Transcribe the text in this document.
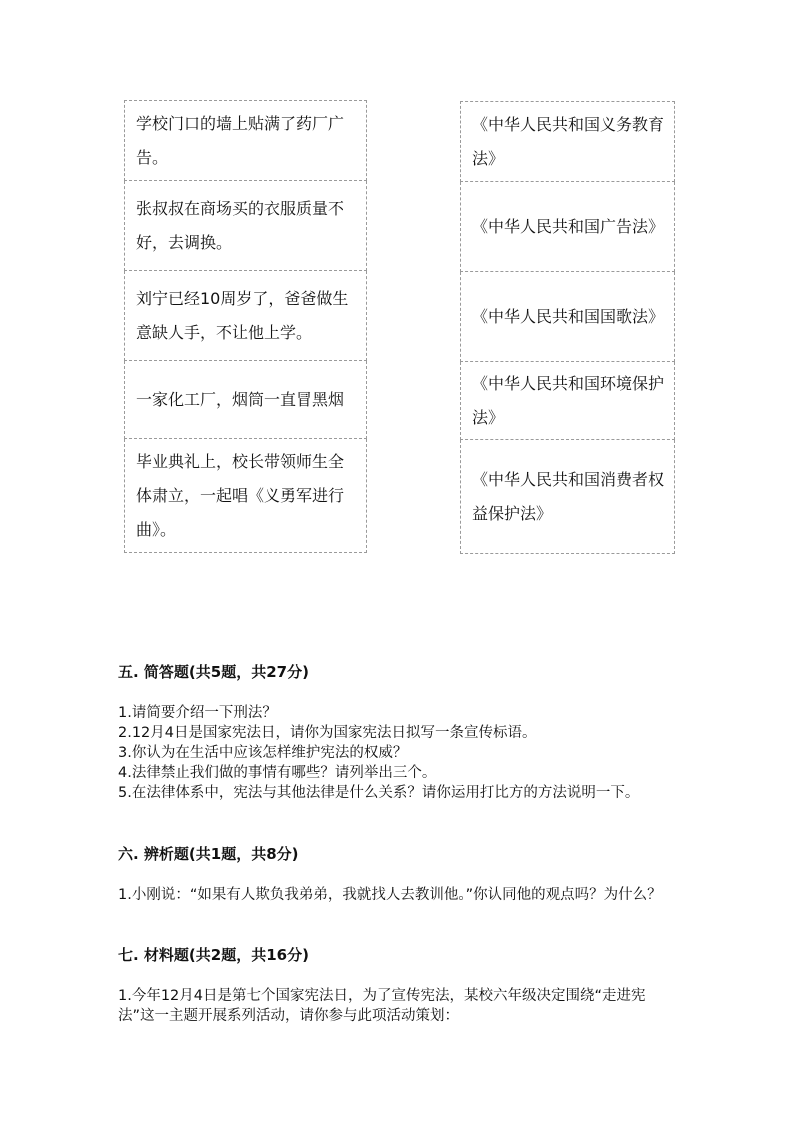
学校门口的墙上贴满了药厂广告。
张叔叔在商场买的衣服质量不好，去调换。
刘宁已经10周岁了，爸爸做生意缺人手，不让他上学。
一家化工厂，烟筒一直冒黑烟
毕业典礼上，校长带领师生全体肃立，一起唱《义勇军进行曲》。
《中华人民共和国义务教育法》
《中华人民共和国广告法》
《中华人民共和国国歌法》
《中华人民共和国环境保护法》
《中华人民共和国消费者权益保护法》
五. 简答题(共5题，共27分)

1.请简要介绍一下刑法？

2.12月4日是国家宪法日，请你为国家宪法日拟写一条宣传标语。

3.你认为在生活中应该怎样维护宪法的权威？

4.法律禁止我们做的事情有哪些？请列举出三个。

5.在法律体系中，宪法与其他法律是什么关系？请你运用打比方的方法说明一下。

六. 辨析题(共1题，共8分)

1.小刚说：“如果有人欺负我弟弟，我就找人去教训他。”你认同他的观点吗？为什么？

七. 材料题(共2题，共16分)

1.今年12月4日是第七个国家宪法日，为了宣传宪法，某校六年级决定围绕“走进宪法”这一主题开展系列活动，请你参与此项活动策划：
